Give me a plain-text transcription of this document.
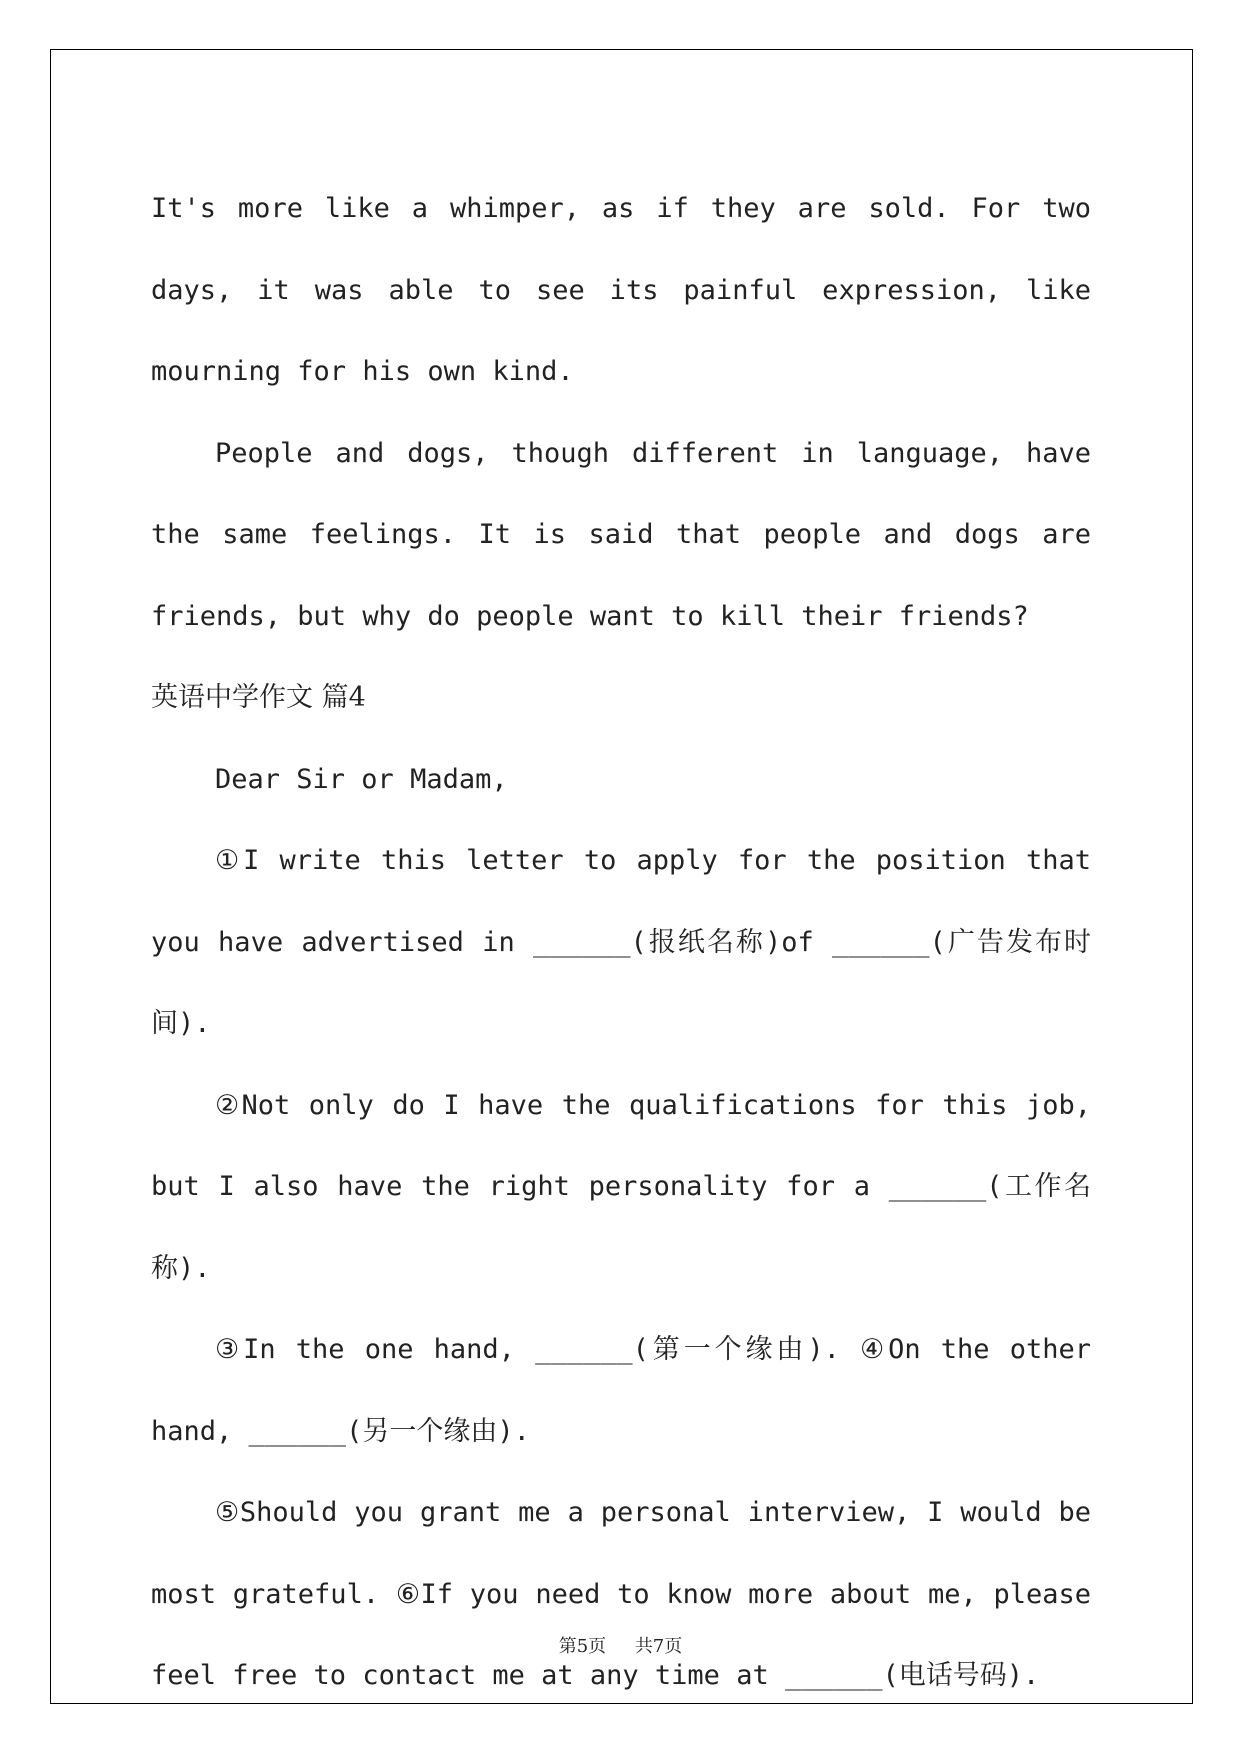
It's more like a whimper, as if they are sold. For two days, it was able to see its painful expression, like mourning for his own kind.

People and dogs, though different in language, have the same feelings. It is said that people and dogs are friends, but why do people want to kill their friends?

英语中学作文 篇4

Dear Sir or Madam,

①I write this letter to apply for the position that you have advertised in ______(报纸名称)of ______(广告发布时间).

②Not only do I have the qualifications for this job, but I also have the right personality for a ______(工作名称).

③In the one hand, ______(第一个缘由). ④On the other hand, ______(另一个缘由).

⑤Should you grant me a personal interview, I would be most grateful. ⑥If you need to know more about me, please feel free to contact me at any time at ______(电话号码).

第5页 共7页
